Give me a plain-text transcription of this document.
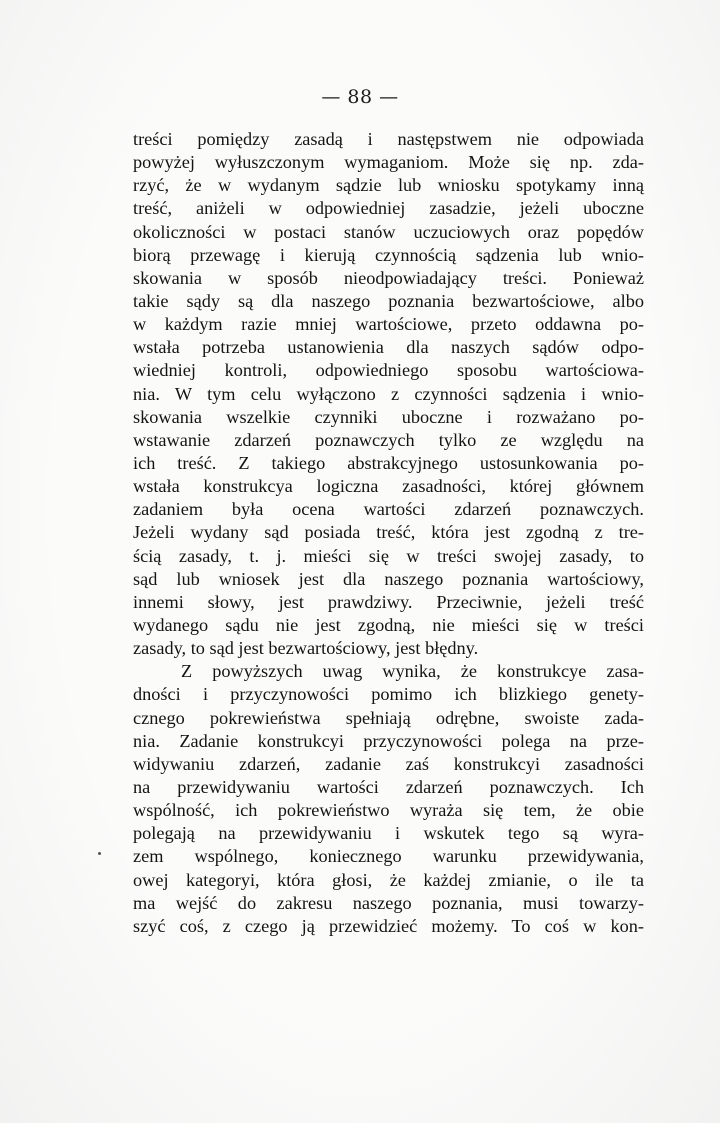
— 88 —
treści pomiędzy zasadą i następstwem nie odpowiada
powyżej wyłuszczonym wymaganiom. Może się np. zda-
rzyć, że w wydanym sądzie lub wniosku spotykamy inną
treść, aniżeli w odpowiedniej zasadzie, jeżeli uboczne
okoliczności w postaci stanów uczuciowych oraz popędów
biorą przewagę i kierują czynnością sądzenia lub wnio-
skowania w sposób nieodpowiadający treści. Ponieważ
takie sądy są dla naszego poznania bezwartościowe, albo
w każdym razie mniej wartościowe, przeto oddawna po-
wstała potrzeba ustanowienia dla naszych sądów odpo-
wiedniej kontroli, odpowiedniego sposobu wartościowa-
nia. W tym celu wyłączono z czynności sądzenia i wnio-
skowania wszelkie czynniki uboczne i rozważano po-
wstawanie zdarzeń poznawczych tylko ze względu na
ich treść. Z takiego abstrakcyjnego ustosunkowania po-
wstała konstrukcya logiczna zasadności, której głównem
zadaniem była ocena wartości zdarzeń poznawczych.
Jeżeli wydany sąd posiada treść, która jest zgodną z tre-
ścią zasady, t. j. mieści się w treści swojej zasady, to
sąd lub wniosek jest dla naszego poznania wartościowy,
innemi słowy, jest prawdziwy. Przeciwnie, jeżeli treść
wydanego sądu nie jest zgodną, nie mieści się w treści
zasady, to sąd jest bezwartościowy, jest błędny.
Z powyższych uwag wynika, że konstrukcye zasa-
dności i przyczynowości pomimo ich blizkiego genety-
cznego pokrewieństwa spełniają odrębne, swoiste zada-
nia. Zadanie konstrukcyi przyczynowości polega na prze-
widywaniu zdarzeń, zadanie zaś konstrukcyi zasadności
na przewidywaniu wartości zdarzeń poznawczych. Ich
wspólność, ich pokrewieństwo wyraża się tem, że obie
polegają na przewidywaniu i wskutek tego są wyra-
zem wspólnego, koniecznego warunku przewidywania,
owej kategoryi, która głosi, że każdej zmianie, o ile ta
ma wejść do zakresu naszego poznania, musi towarzy-
szyć coś, z czego ją przewidzieć możemy. To coś w kon-
